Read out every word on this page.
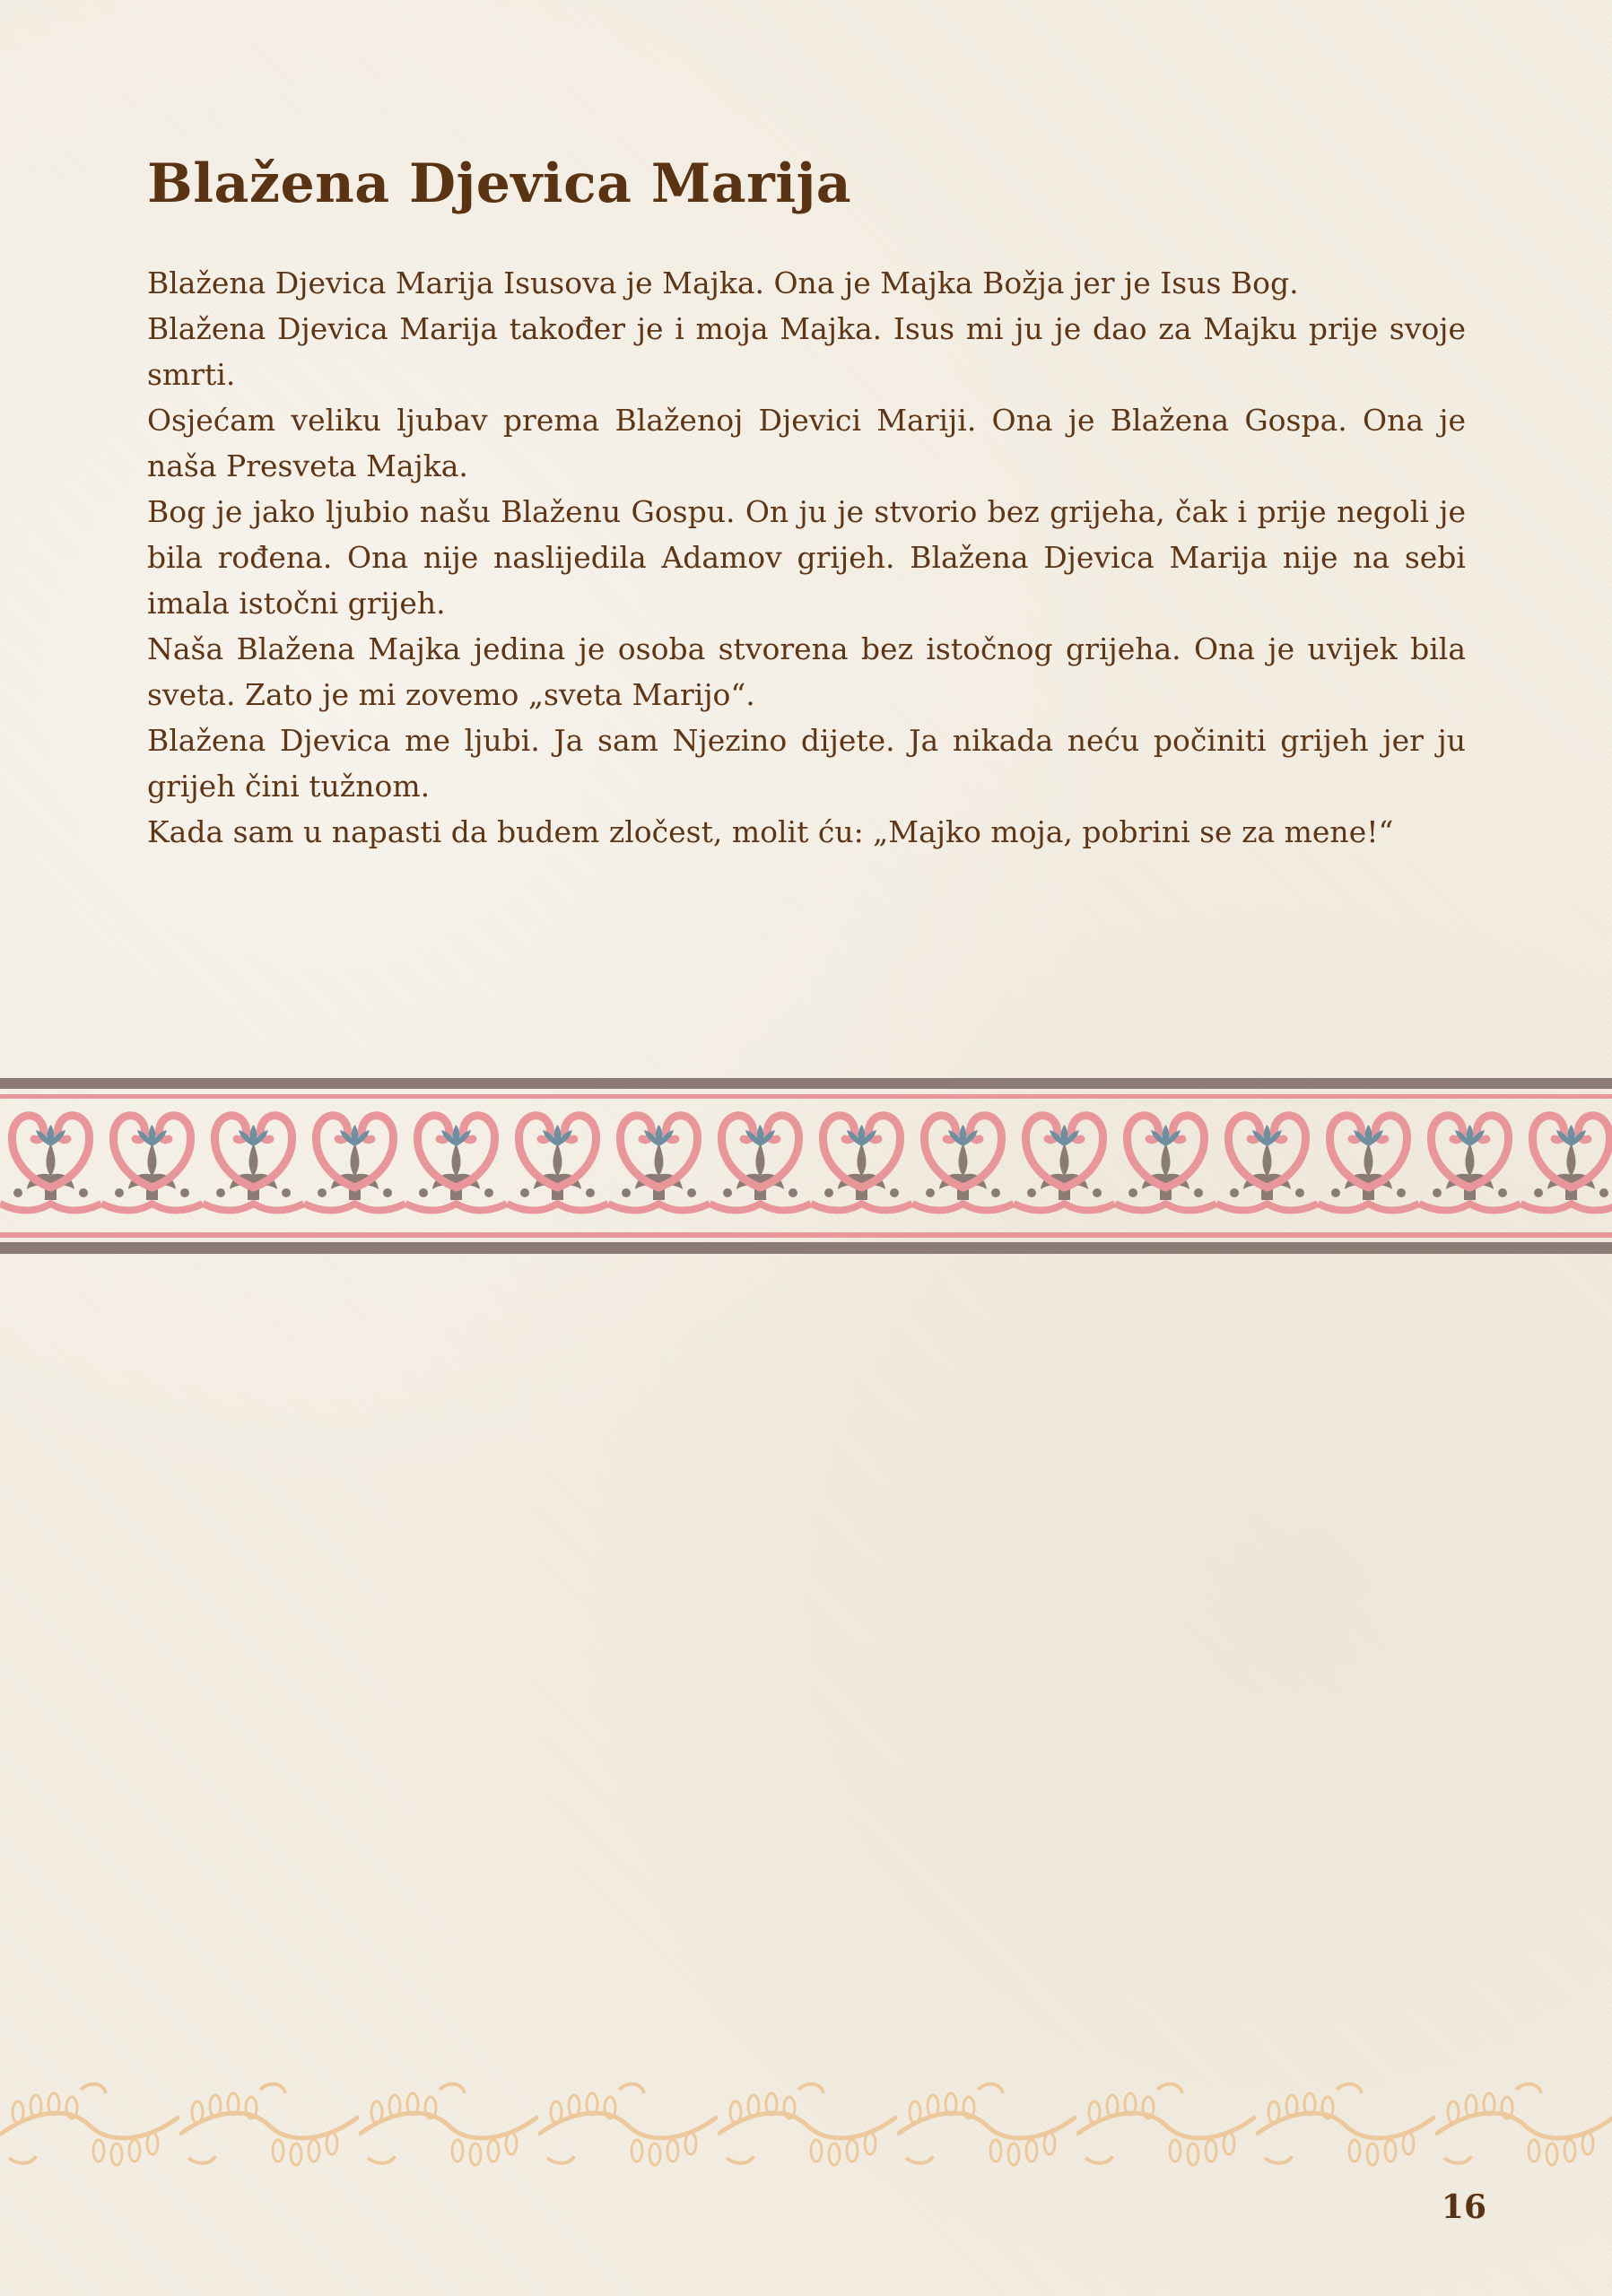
Blažena Djevica Marija

Blažena Djevica Marija Isusova je Majka. Ona je Majka Božja jer je Isus Bog.

Blažena Djevica Marija također je i moja Majka. Isus mi ju je dao za Majku prije svoje smrti.

Osjećam veliku ljubav prema Blaženoj Djevici Mariji. Ona je Blažena Gospa. Ona je naša Presveta Majka.

Bog je jako ljubio našu Blaženu Gospu. On ju je stvorio bez grijeha, čak i prije negoli je bila rođena. Ona nije naslijedila Adamov grijeh. Blažena Djevica Marija nije na sebi imala istočni grijeh.

Naša Blažena Majka jedina je osoba stvorena bez istočnog grijeha. Ona je uvijek bila sveta. Zato je mi zovemo „sveta Marijo“.

Blažena Djevica me ljubi. Ja sam Njezino dijete. Ja nikada neću počiniti grijeh jer ju grijeh čini tužnom.

Kada sam u napasti da budem zločest, molit ću: „Majko moja, pobrini se za mene!“

16
